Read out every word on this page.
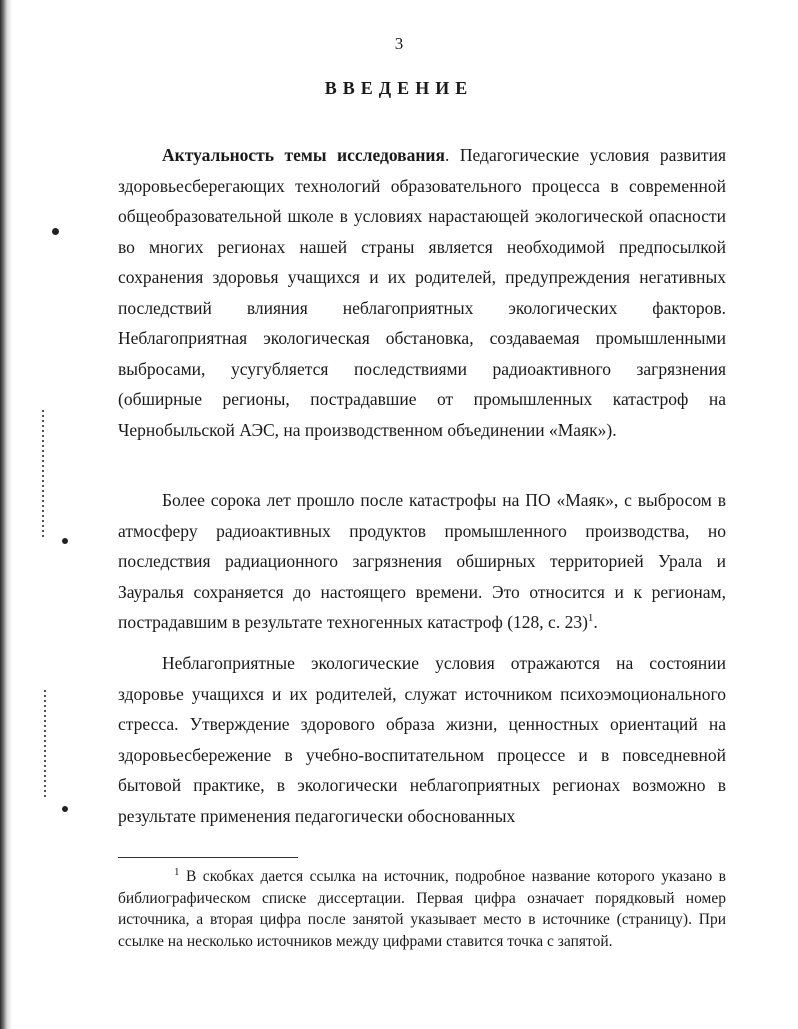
3
ВВЕДЕНИЕ

Актуальность темы исследования. Педагогические условия развития здоровьесберегающих технологий образовательного процесса в современной общеобразовательной школе в условиях нарастающей экологической опасности во многих регионах нашей страны является необходимой предпосылкой сохранения здоровья учащихся и их родителей, предупреждения негативных последствий влияния неблагоприятных экологических факторов. Неблагоприятная экологическая обстановка, создаваемая промышленными выбросами, усугубляется последствиями радиоактивного загрязнения (обширные регионы, пострадавшие от промышленных катастроф на Чернобыльской АЭС, на производственном объединении «Маяк»).

Более сорока лет прошло после катастрофы на ПО «Маяк», с выбросом в атмосферу радиоактивных продуктов промышленного производства, но последствия радиационного загрязнения обширных территорией Урала и Зауралья сохраняется до настоящего времени. Это относится и к регионам, пострадавшим в результате техногенных катастроф (128, с. 23)$^1$.

Неблагоприятные экологические условия отражаются на состоянии здоровье учащихся и их родителей, служат источником психоэмоционального стресса. Утверждение здорового образа жизни, ценностных ориентаций на здоровьесбережение в учебно-воспитательном процессе и в повседневной бытовой практике, в экологически неблагоприятных регионах возможно в результате применения педагогически обоснованных

$^1$ В скобках дается ссылка на источник, подробное название которого указано в библиографическом списке диссертации. Первая цифра означает порядковый номер источника, а вторая цифра после занятой указывает место в источнике (страницу). При ссылке на несколько источников между цифрами ставится точка с запятой.
